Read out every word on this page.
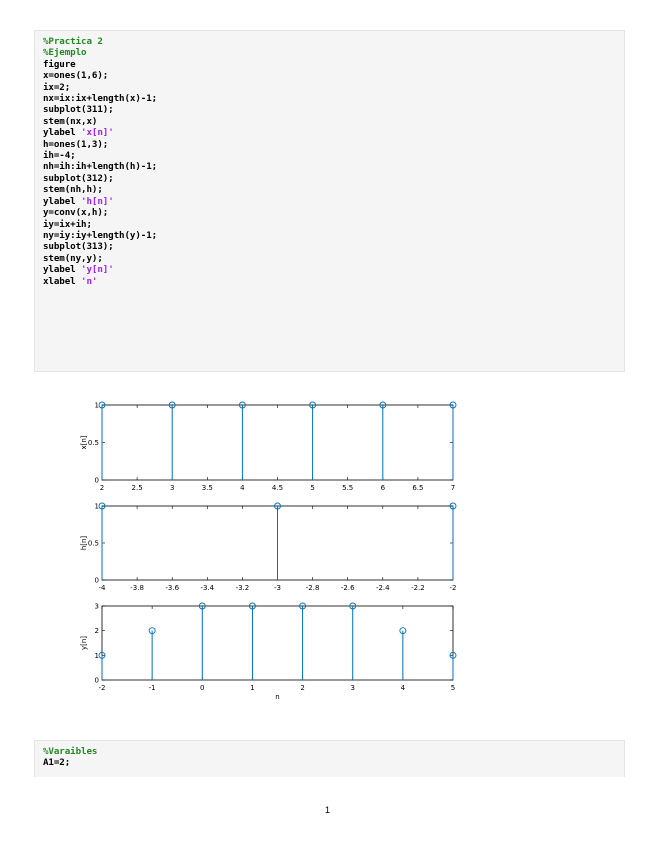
%Practica 2
%Ejemplo
figure
x=ones(1,6);
ix=2;
nx=ix:ix+length(x)-1;
subplot(311);
stem(nx,x)
ylabel 'x[n]'
h=ones(1,3);
ih=-4;
nh=ih:ih+length(h)-1;
subplot(312);
stem(nh,h);
ylabel 'h[n]'
y=conv(x,h);
iy=ix+ih;
ny=iy:iy+length(y)-1;
subplot(313);
stem(ny,y);
ylabel 'y[n]'
xlabel 'n'
2	2.5	3	3.5	4	4.5	5	5.5	6	6.5	7
0
0.5
1
x[n]
-4	-3.8	-3.6	-3.4	-3.2	-3	-2.8	-2.6	-2.4	-2.2	-2
0
0.5
1
h[n]
-2	-1	0	1	2	3	4	5
0
1
2
3
y[n]
n
%Varaibles
A1=2;
1
